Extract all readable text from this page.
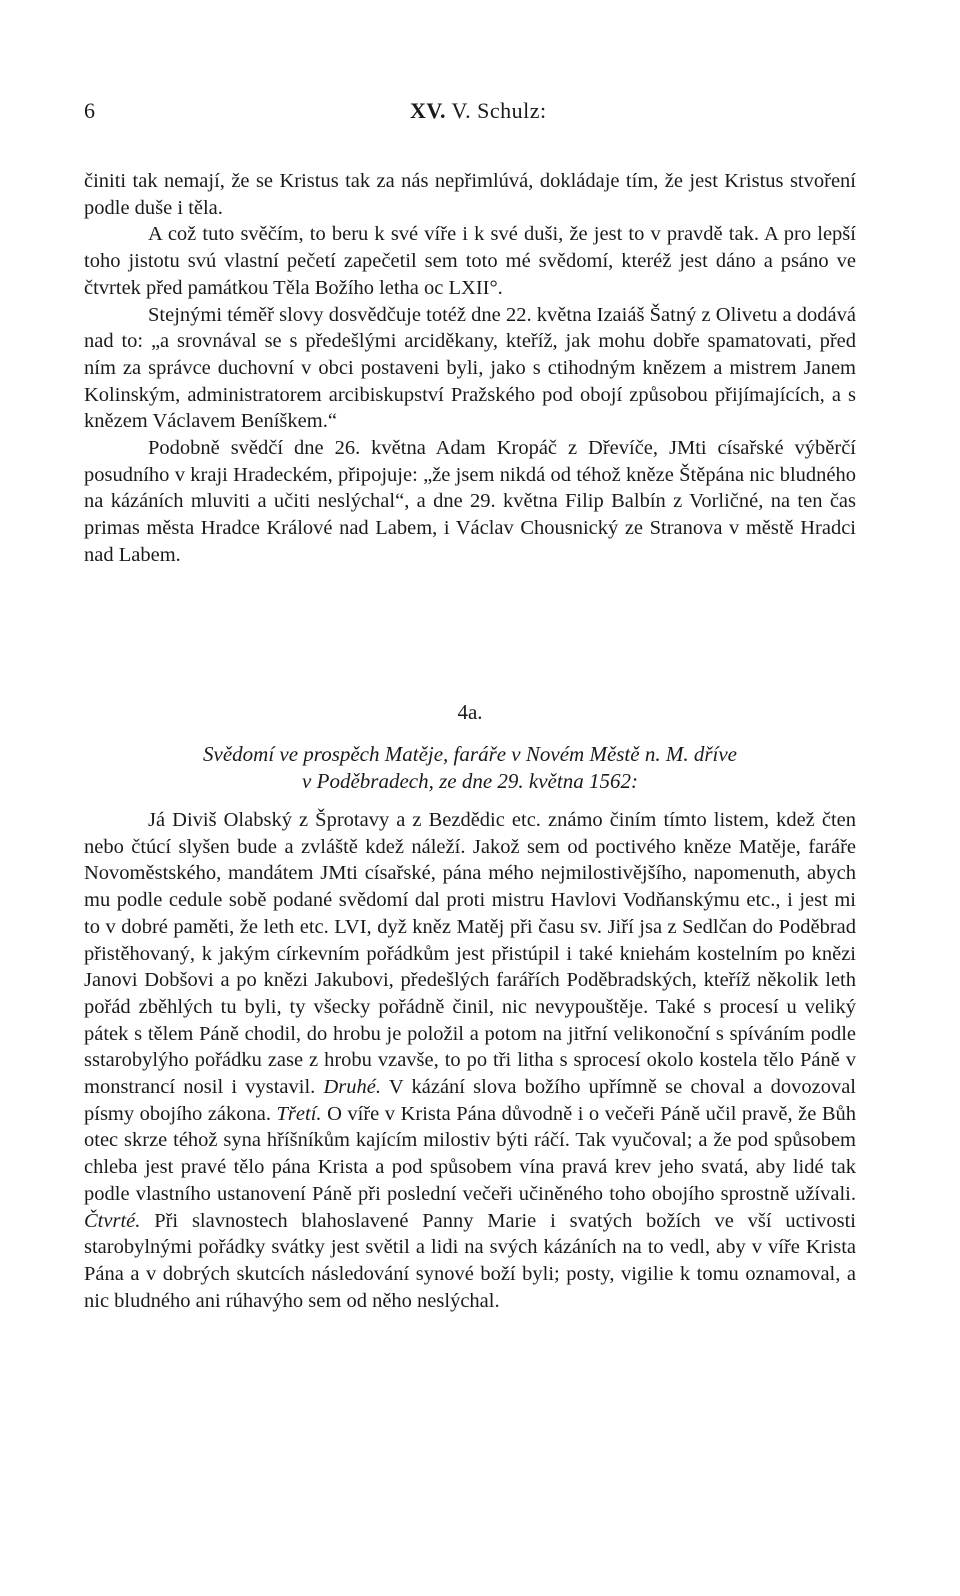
6	XV. V. Schulz:

činiti tak nemají, že se Kristus tak za nás nepřimlúvá, dokládaje tím, že jest Kristus stvoření podle duše i těla.

A což tuto svěčím, to beru k své víře i k své duši, že jest to v pravdě tak. A pro lepší toho jistotu svú vlastní pečetí zapečetil sem toto mé svědomí, kteréž jest dáno a psáno ve čtvrtek před památkou Těla Božího letha oc LXII°.

Stejnými téměř slovy dosvědčuje totéž dne 22. května Izaiáš Šatný z Olivetu a dodává nad to: „a srovnával se s předešlými arciděkany, kteříž, jak mohu dobře spamatovati, před ním za správce duchovní v obci postaveni byli, jako s ctihodným knězem a mistrem Janem Kolinským, administratorem arcibiskupství Pražského pod obojí způsobou přijímajících, a s knězem Václavem Beníškem.“

Podobně svědčí dne 26. května Adam Kropáč z Dřevíče, JMti císařské výběrčí posudního v kraji Hradeckém, připojuje: „že jsem nikdá od téhož kněze Štěpána nic bludného na kázáních mluviti a učiti neslýchal“, a dne 29. května Filip Balbín z Vorličné, na ten čas primas města Hradce Králové nad Labem, i Václav Chousnický ze Stranova v městě Hradci nad Labem.

4a.
Svědomí ve prospěch Matěje, faráře v Novém Městě n. M. dříve
v Poděbradech, ze dne 29. května 1562:

Já Diviš Olabský z Šprotavy a z Bezdědic etc. známo činím tímto listem, kdež čten nebo čtúcí slyšen bude a zvláště kdež náleží. Jakož sem od poctivého kněze Matěje, faráře Novoměstského, mandátem JMti císařské, pána mého nejmilostivějšího, napomenuth, abych mu podle cedule sobě podané svědomí dal proti mistru Havlovi Vodňanskýmu etc., i jest mi to v dobré paměti, že leth etc. LVI, dyž kněz Matěj při času sv. Jiří jsa z Sedlčan do Poděbrad přistěhovaný, k jakým církevním pořádkům jest přistúpil i také kniehám kostelním po knězi Janovi Dobšovi a po knězi Jakubovi, předešlých farářích Poděbradských, kteříž několik leth pořád zběhlých tu byli, ty všecky pořádně činil, nic nevypouštěje. Také s procesí u veliký pátek s tělem Páně chodil, do hrobu je položil a potom na jitřní velikonoční s spíváním podle sstarobylýho pořádku zase z hrobu vzavše, to po tři litha s sprocesí okolo kostela tělo Páně v monstrancí nosil i vystavil. Druhé. V kázání slova božího upřímně se choval a dovozoval písmy obojího zákona. Třetí. O víře v Krista Pána důvodně i o večeři Páně učil pravě, že Bůh otec skrze téhož syna hříšníkům kajícím milostiv býti ráčí. Tak vyučoval; a že pod spůsobem chleba jest pravé tělo pána Krista a pod spůsobem vína pravá krev jeho svatá, aby lidé tak podle vlastního ustanovení Páně při poslední večeři učiněného toho obojího sprostně užívali. Čtvrté. Při slavnostech blahoslavené Panny Marie i svatých božích ve vší uctivosti starobylnými pořádky svátky jest světil a lidi na svých kázáních na to vedl, aby v víře Krista Pána a v dobrých skutcích následování synové boží byli; posty, vigilie k tomu oznamoval, a nic bludného ani rúhavýho sem od něho neslýchal.
